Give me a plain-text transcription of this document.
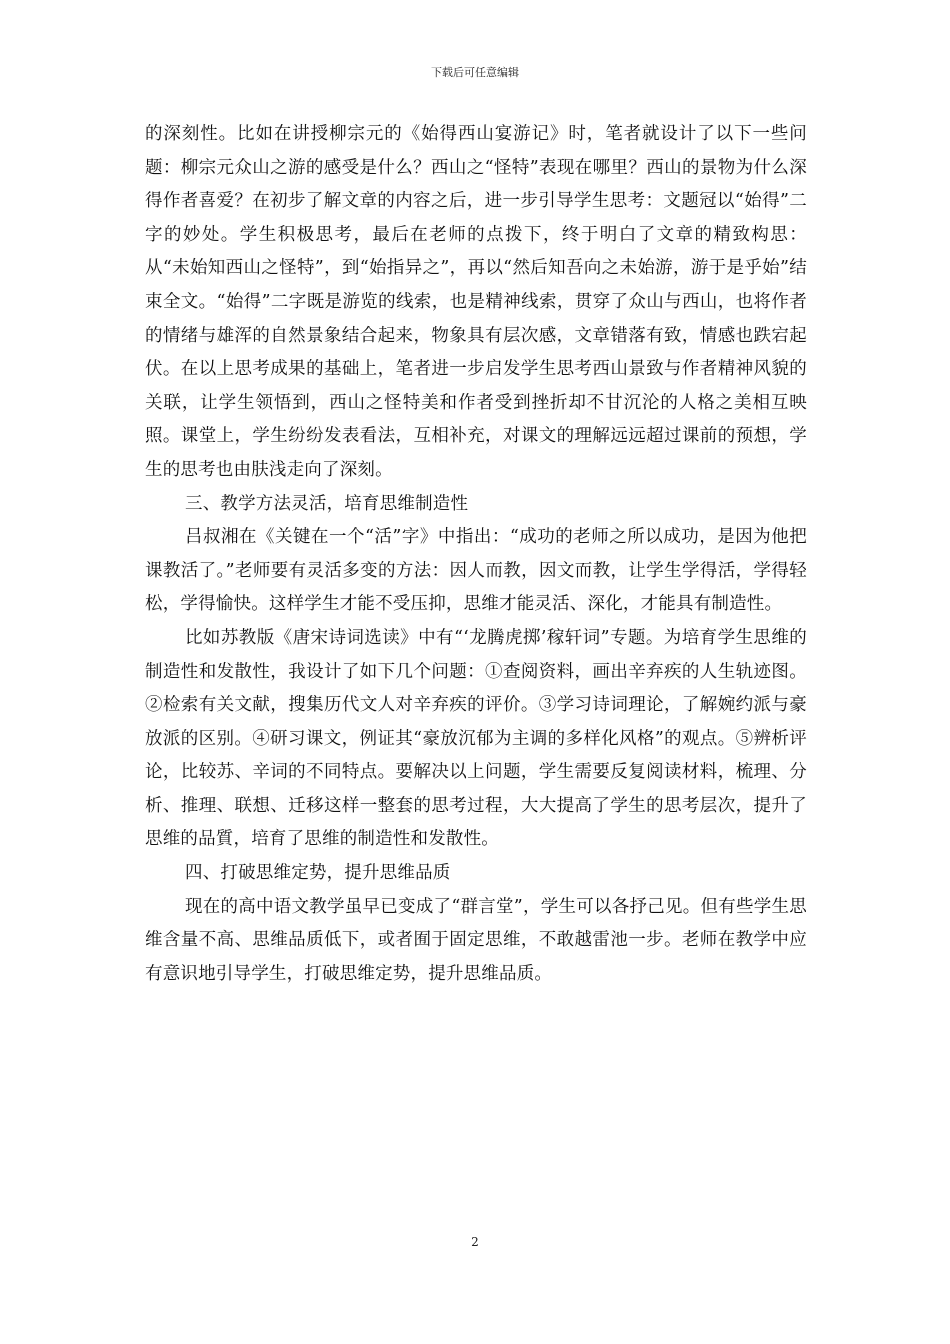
下载后可任意编辑

的深刻性。比如在讲授柳宗元的《始得西山宴游记》时，笔者就设计了以下一些问题：柳宗元众山之游的感受是什么？西山之“怪特”表现在哪里？西山的景物为什么深得作者喜爱？在初步了解文章的内容之后，进一步引导学生思考：文题冠以“始得”二字的妙处。学生积极思考，最后在老师的点拨下，终于明白了文章的精致构思：从“未始知西山之怪特”，到“始指异之”，再以“然后知吾向之未始游，游于是乎始”结束全文。“始得”二字既是游览的线索，也是精神线索，贯穿了众山与西山，也将作者的情绪与雄浑的自然景象结合起来，物象具有层次感，文章错落有致，情感也跌宕起伏。在以上思考成果的基础上，笔者进一步启发学生思考西山景致与作者精神风貌的关联，让学生领悟到，西山之怪特美和作者受到挫折却不甘沉沦的人格之美相互映照。课堂上，学生纷纷发表看法，互相补充，对课文的理解远远超过课前的预想，学生的思考也由肤浅走向了深刻。

三、教学方法灵活，培育思维制造性

吕叔湘在《关键在一个“活”字》中指出：“成功的老师之所以成功，是因为他把课教活了。”老师要有灵活多变的方法：因人而教，因文而教，让学生学得活，学得轻松，学得愉快。这样学生才能不受压抑，思维才能灵活、深化，才能具有制造性。

比如苏教版《唐宋诗词选读》中有“‘龙腾虎掷’稼轩词”专题。为培育学生思维的制造性和发散性，我设计了如下几个问题：①查阅资料，画出辛弃疾的人生轨迹图。②检索有关文献，搜集历代文人对辛弃疾的评价。③学习诗词理论，了解婉约派与豪放派的区别。④研习课文，例证其“豪放沉郁为主调的多样化风格”的观点。⑤辨析评论，比较苏、辛词的不同特点。要解决以上问题，学生需要反复阅读材料，梳理、分析、推理、联想、迁移这样一整套的思考过程，大大提高了学生的思考层次，提升了思维的品質，培育了思维的制造性和发散性。

四、打破思维定势，提升思维品质

现在的高中语文教学虽早已变成了“群言堂”，学生可以各抒己见。但有些学生思维含量不高、思维品质低下，或者囿于固定思维，不敢越雷池一步。老师在教学中应有意识地引导学生，打破思维定势，提升思维品质。

2
